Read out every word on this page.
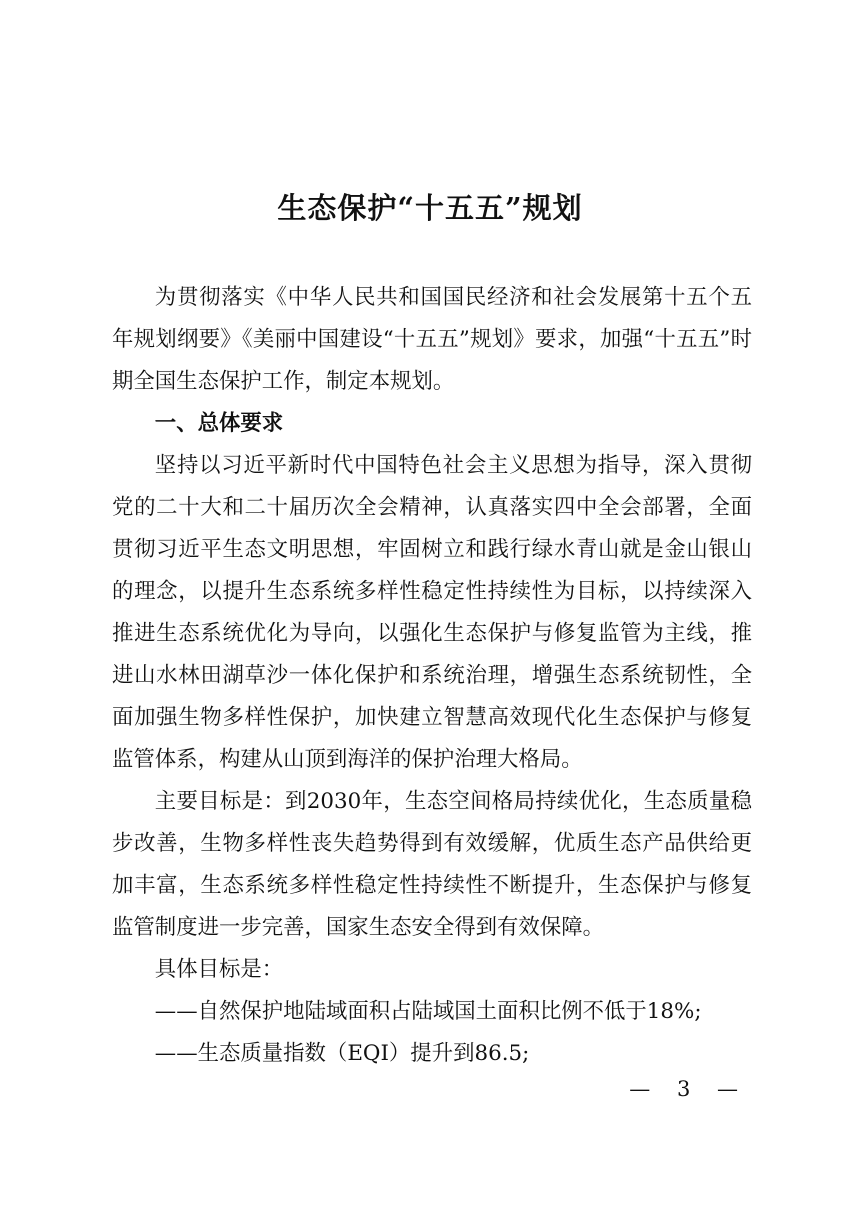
生态保护“十五五”规划

为贯彻落实《中华人民共和国国民经济和社会发展第十五个五年规划纲要》《美丽中国建设“十五五”规划》要求，加强“十五五”时期全国生态保护工作，制定本规划。

一、总体要求

坚持以习近平新时代中国特色社会主义思想为指导，深入贯彻党的二十大和二十届历次全会精神，认真落实四中全会部署，全面贯彻习近平生态文明思想，牢固树立和践行绿水青山就是金山银山的理念，以提升生态系统多样性稳定性持续性为目标，以持续深入推进生态系统优化为导向，以强化生态保护与修复监管为主线，推进山水林田湖草沙一体化保护和系统治理，增强生态系统韧性，全面加强生物多样性保护，加快建立智慧高效现代化生态保护与修复监管体系，构建从山顶到海洋的保护治理大格局。

主要目标是：到2030年，生态空间格局持续优化，生态质量稳步改善，生物多样性丧失趋势得到有效缓解，优质生态产品供给更加丰富，生态系统多样性稳定性持续性不断提升，生态保护与修复监管制度进一步完善，国家生态安全得到有效保障。

具体目标是：

——自然保护地陆域面积占陆域国土面积比例不低于18%;

——生态质量指数（EQI）提升到86.5;

— 3 —
